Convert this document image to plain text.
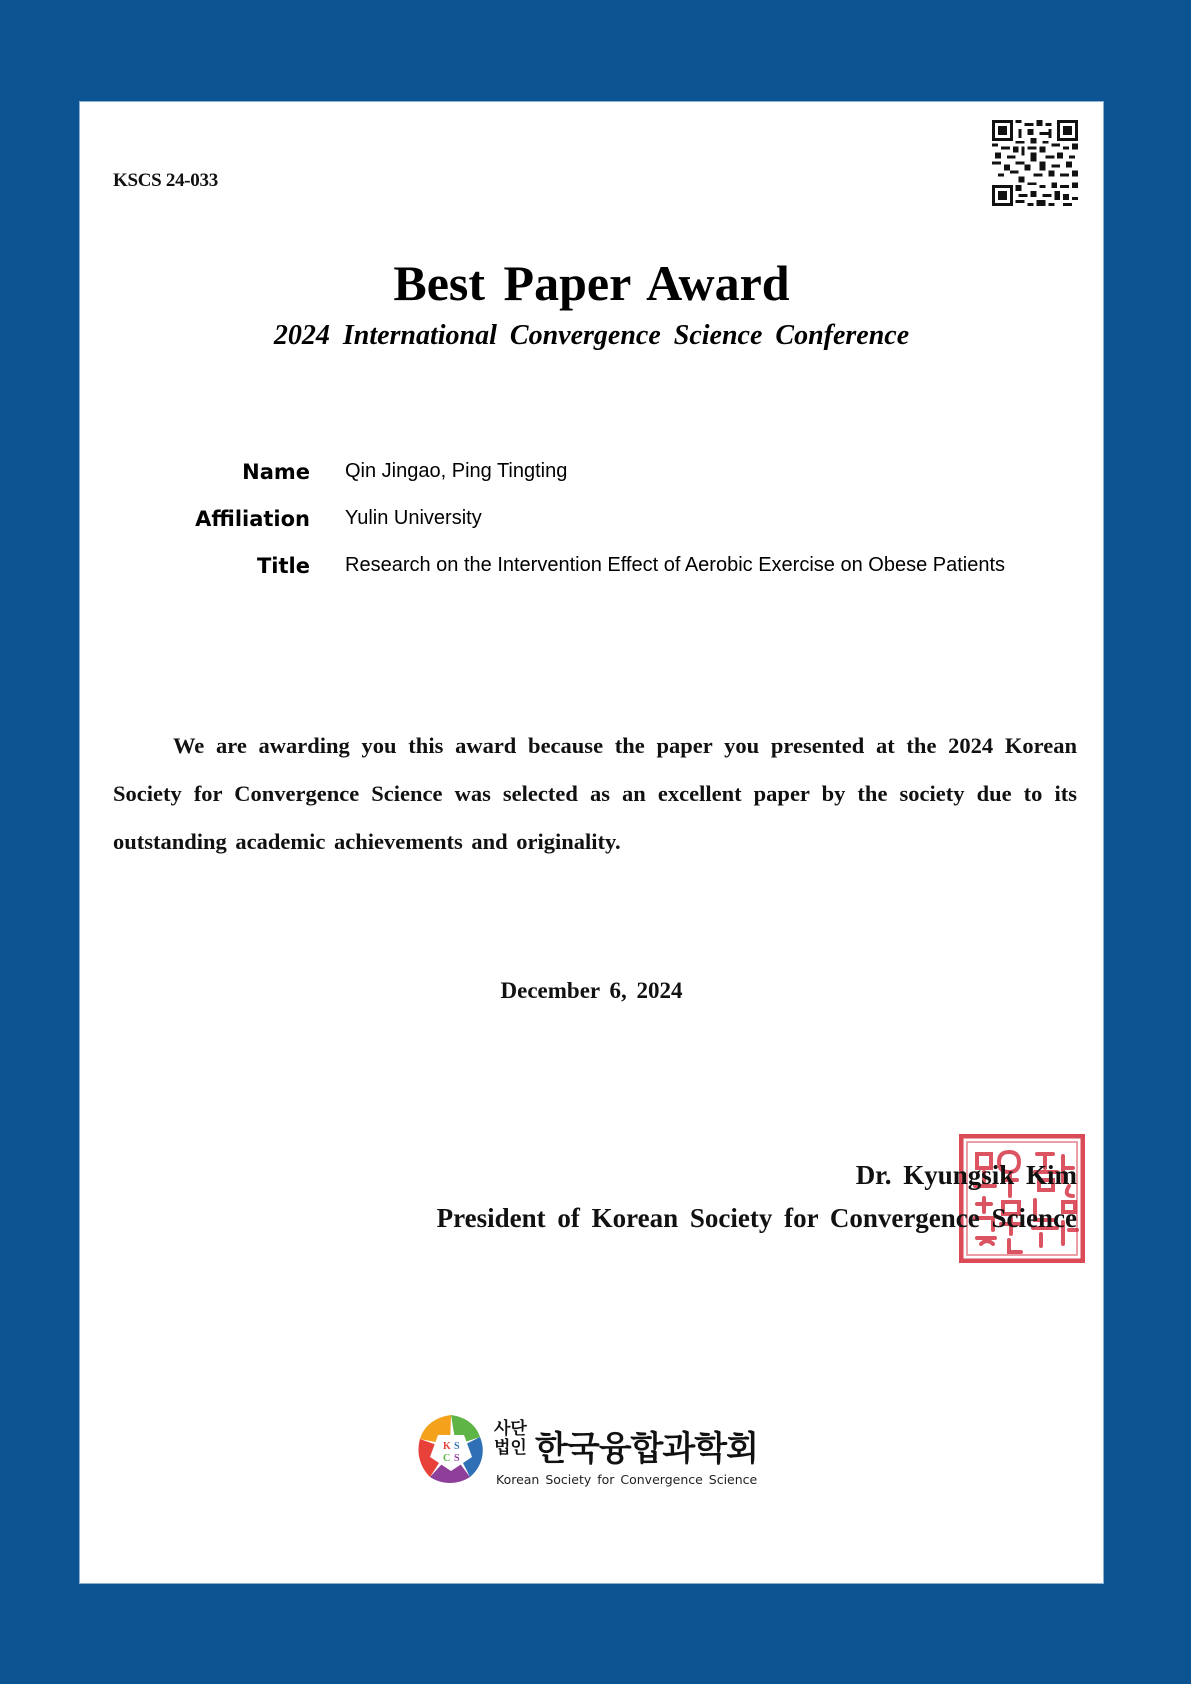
KSCS 24-033
Best Paper Award
2024 International Convergence Science Conference
Name Qin Jingao, Ping Tingting
Affiliation Yulin University
Title Research on the Intervention Effect of Aerobic Exercise on Obese Patients
We are awarding you this award because the paper you presented at the 2024 Korean Society for Convergence Science was selected as an excellent paper by the society due to its outstanding academic achievements and originality.
December 6, 2024
Dr. Kyungsik Kim
President of Korean Society for Convergence Science
K S
C S
사단
법인 한국융합과학회
Korean Society for Convergence Science
